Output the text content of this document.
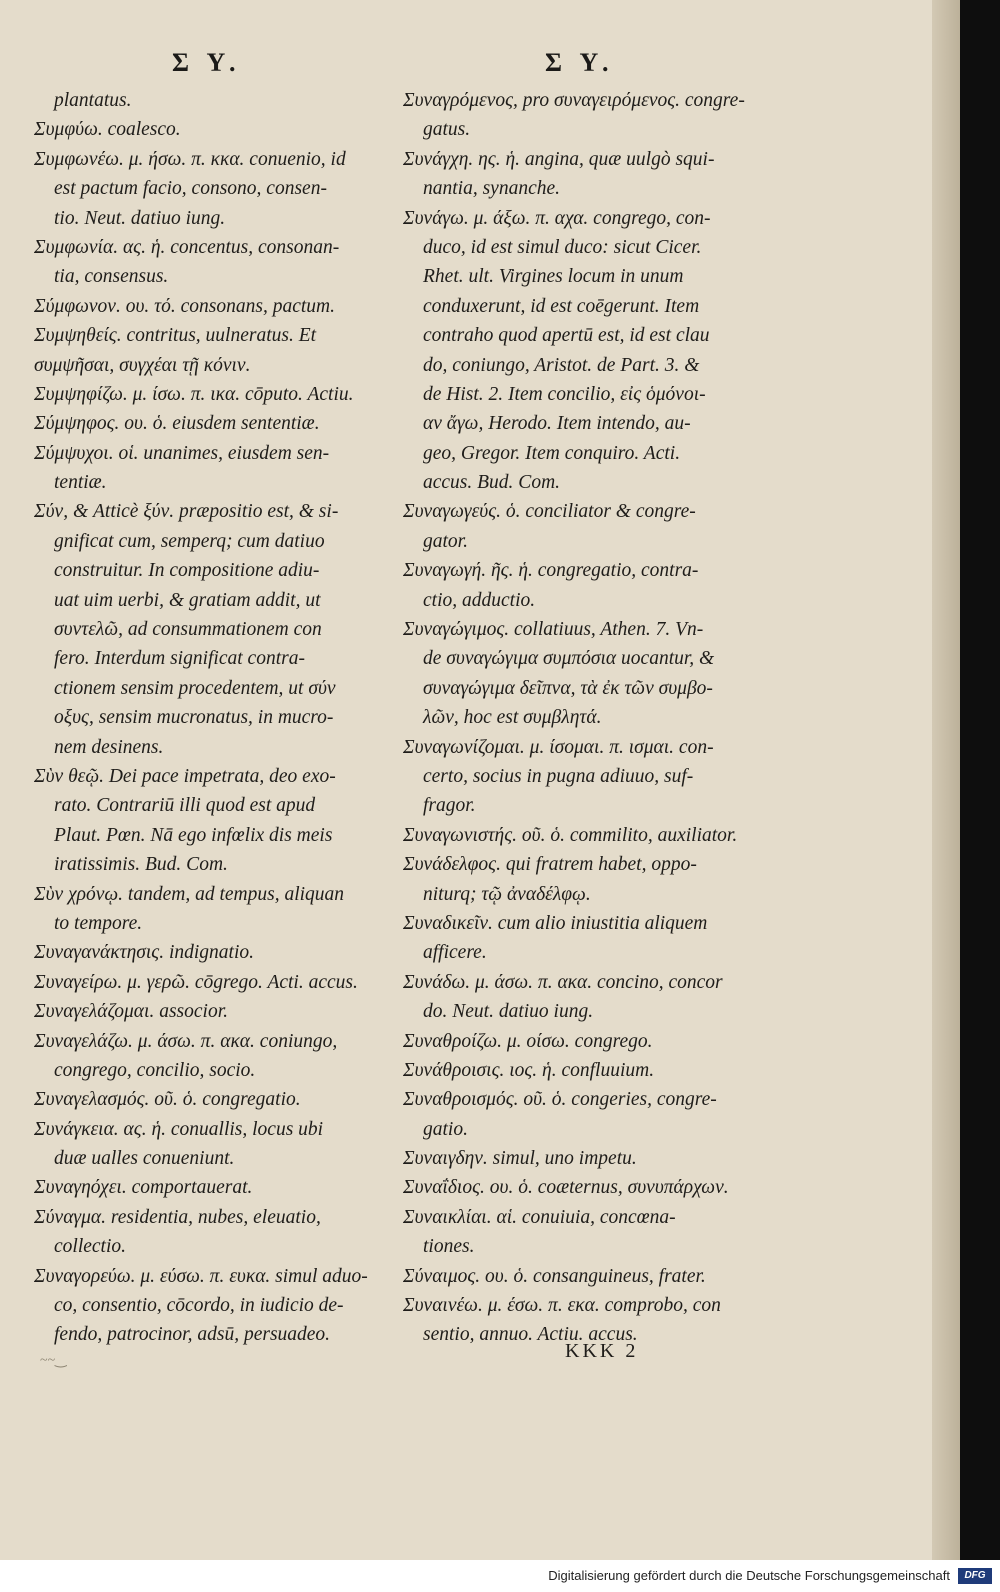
Σ Υ.	Σ Υ.
plantatus.
Συμφύω. coalesco.
Συμφωνέω. μ. ήσω. π. κκα. conuenio, id
est pactum facio, consono, consen-
tio. Neut. datiuo iung.
Συμφωνία. ας. ἡ. concentus, consonan-
tia, consensus.
Σύμφωνον. ου. τό. consonans, pactum.
Συμψηθείς. contritus, uulneratus. Et
συμψῆσαι, συγχέαι τῇ κόνιν.
Συμψηφίζω. μ. ίσω. π. ικα. cōputo. Actiu.
Σύμψηφος. ου. ὁ. eiusdem sententiæ.
Σύμψυχοι. οἱ. unanimes, eiusdem sen-
tentiæ.
Σύν, & Atticè ξύν. præpositio est, & si-
gnificat cum, semperq; cum datiuo
construitur. In compositione adiu-
uat uim uerbi, & gratiam addit, ut
συντελῶ, ad consummationem con
fero. Interdum significat contra-
ctionem sensim procedentem, ut σύν
οξυς, sensim mucronatus, in mucro-
nem desinens.
Σὺν θεῷ. Dei pace impetrata, deo exo-
rato. Contrariū illi quod est apud
Plaut. Pœn. Nā ego infœlix dis meis
iratissimis. Bud. Com.
Σὺν χρόνῳ. tandem, ad tempus, aliquan
to tempore.
Συναγανάκτησις. indignatio.
Συναγείρω. μ. γερῶ. cōgrego. Acti. accus.
Συναγελάζομαι. associor.
Συναγελάζω. μ. άσω. π. ακα. coniungo,
congrego, concilio, socio.
Συναγελασμός. οῦ. ὁ. congregatio.
Συνάγκεια. ας. ἡ. conuallis, locus ubi
duæ ualles conueniunt.
Συναγηόχει. comportauerat.
Σύναγμα. residentia, nubes, eleuatio,
collectio.
Συναγορεύω. μ. εύσω. π. ευκα. simul aduo-
co, consentio, cōcordo, in iudicio de-
fendo, patrocinor, adsū, persuadeo.
Συναγρόμενος, pro συναγειρόμενος. congre-
gatus.
Συνάγχη. ης. ἡ. angina, quæ uulgò squi-
nantia, synanche.
Συνάγω. μ. άξω. π. αχα. congrego, con-
duco, id est simul duco: sicut Cicer.
Rhet. ult. Virgines locum in unum
conduxerunt, id est coēgerunt. Item
contraho quod apertū est, id est clau
do, coniungo, Aristot. de Part. 3. &
de Hist. 2. Item concilio, εἰς ὁμόνοι-
αν ἄγω, Herodo. Item intendo, au-
geo, Gregor. Item conquiro. Acti.
accus. Bud. Com.
Συναγωγεύς. ὁ. conciliator & congre-
gator.
Συναγωγή. ῆς. ἡ. congregatio, contra-
ctio, adductio.
Συναγώγιμος. collatiuus, Athen. 7. Vn-
de συναγώγιμα συμπόσια uocantur, &
συναγώγιμα δεῖπνα, τὰ ἐκ τῶν συμβο-
λῶν, hoc est συμβλητά.
Συναγωνίζομαι. μ. ίσομαι. π. ισμαι. con-
certo, socius in pugna adiuuo, suf-
fragor.
Συναγωνιστής. οῦ. ὁ. commilito, auxiliator.
Συνάδελφος. qui fratrem habet, oppo-
niturq; τῷ ἀναδέλφῳ.
Συναδικεῖν. cum alio iniustitia aliquem
afficere.
Συνάδω. μ. άσω. π. ακα. concino, concor
do. Neut. datiuo iung.
Συναθροίζω. μ. οίσω. congrego.
Συνάθροισις. ιος. ἡ. confluuium.
Συναθροισμός. οῦ. ὁ. congeries, congre-
gatio.
Συναιγδην. simul, uno impetu.
Συναΐδιος. ου. ὁ. coæternus, συνυπάρχων.
Συναικλίαι. αἱ. conuiuia, concœna-
tiones.
Σύναιμος. ου. ὁ. consanguineus, frater.
Συναινέω. μ. έσω. π. εκα. comprobo, con
sentio, annuo. Actiu. accus.
KKK 2
~~‿
Digitalisierung gefördert durch die Deutsche Forschungsgemeinschaft	DFG
